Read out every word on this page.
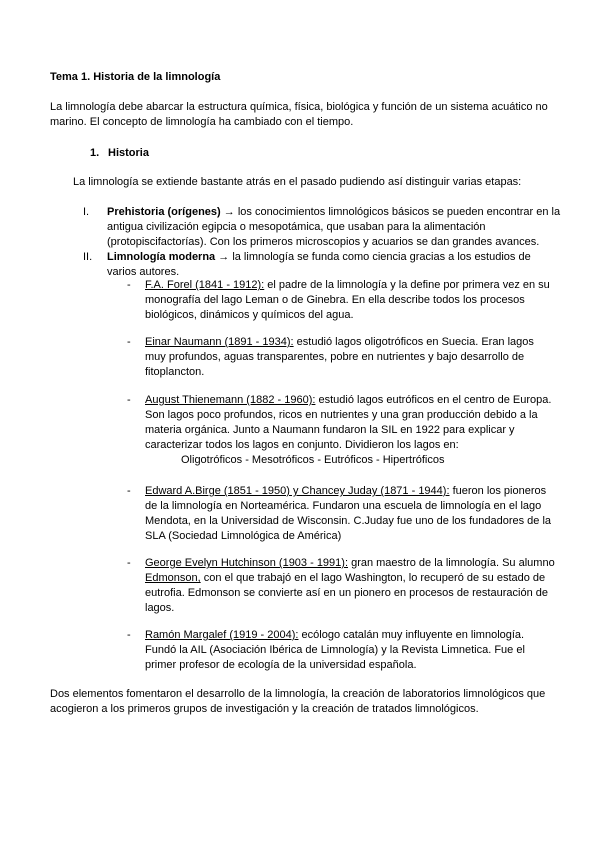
Tema 1. Historia de la limnología
La limnología debe abarcar la estructura química, física, biológica y función de un sistema acuático no marino. El concepto de limnología ha cambiado con el tiempo.
1. Historia
La limnología se extiende bastante atrás en el pasado pudiendo así distinguir varias etapas:
I.	Prehistoria (orígenes) → los conocimientos limnológicos básicos se pueden encontrar en la antigua civilización egipcia o mesopotámica, que usaban para la alimentación (protopiscifactorías). Con los primeros microscopios y acuarios se dan grandes avances.
II.	Limnología moderna → la limnología se funda como ciencia gracias a los estudios de varios autores.
-	F.A. Forel (1841 - 1912): el padre de la limnología y la define por primera vez en su monografía del lago Leman o de Ginebra. En ella describe todos los procesos biológicos, dinámicos y químicos del agua.
-	Einar Naumann (1891 - 1934): estudió lagos oligotróficos en Suecia. Eran lagos muy profundos, aguas transparentes, pobre en nutrientes y bajo desarrollo de fitoplancton.
-	August Thienemann (1882 - 1960): estudió lagos eutróficos en el centro de Europa. Son lagos poco profundos, ricos en nutrientes y una gran producción debido a la materia orgánica. Junto a Naumann fundaron la SIL en 1922 para explicar y caracterizar todos los lagos en conjunto. Dividieron los lagos en:
Oligotróficos - Mesotróficos - Eutróficos - Hipertróficos
-	Edward A.Birge (1851 - 1950) y Chancey Juday (1871 - 1944): fueron los pioneros de la limnología en Norteamérica. Fundaron una escuela de limnología en el lago Mendota, en la Universidad de Wisconsin. C.Juday fue uno de los fundadores de la SLA (Sociedad Limnológica de América)
-	George Evelyn Hutchinson (1903 - 1991): gran maestro de la limnología. Su alumno Edmonson, con el que trabajó en el lago Washington, lo recuperó de su estado de eutrofia. Edmonson se convierte así en un pionero en procesos de restauración de lagos.
-	Ramón Margalef (1919 - 2004): ecólogo catalán muy influyente en limnología. Fundó la AIL (Asociación Ibérica de Limnología) y la Revista Limnetica. Fue el primer profesor de ecología de la universidad española.
Dos elementos fomentaron el desarrollo de la limnología, la creación de laboratorios limnológicos que acogieron a los primeros grupos de investigación y la creación de tratados limnológicos.
